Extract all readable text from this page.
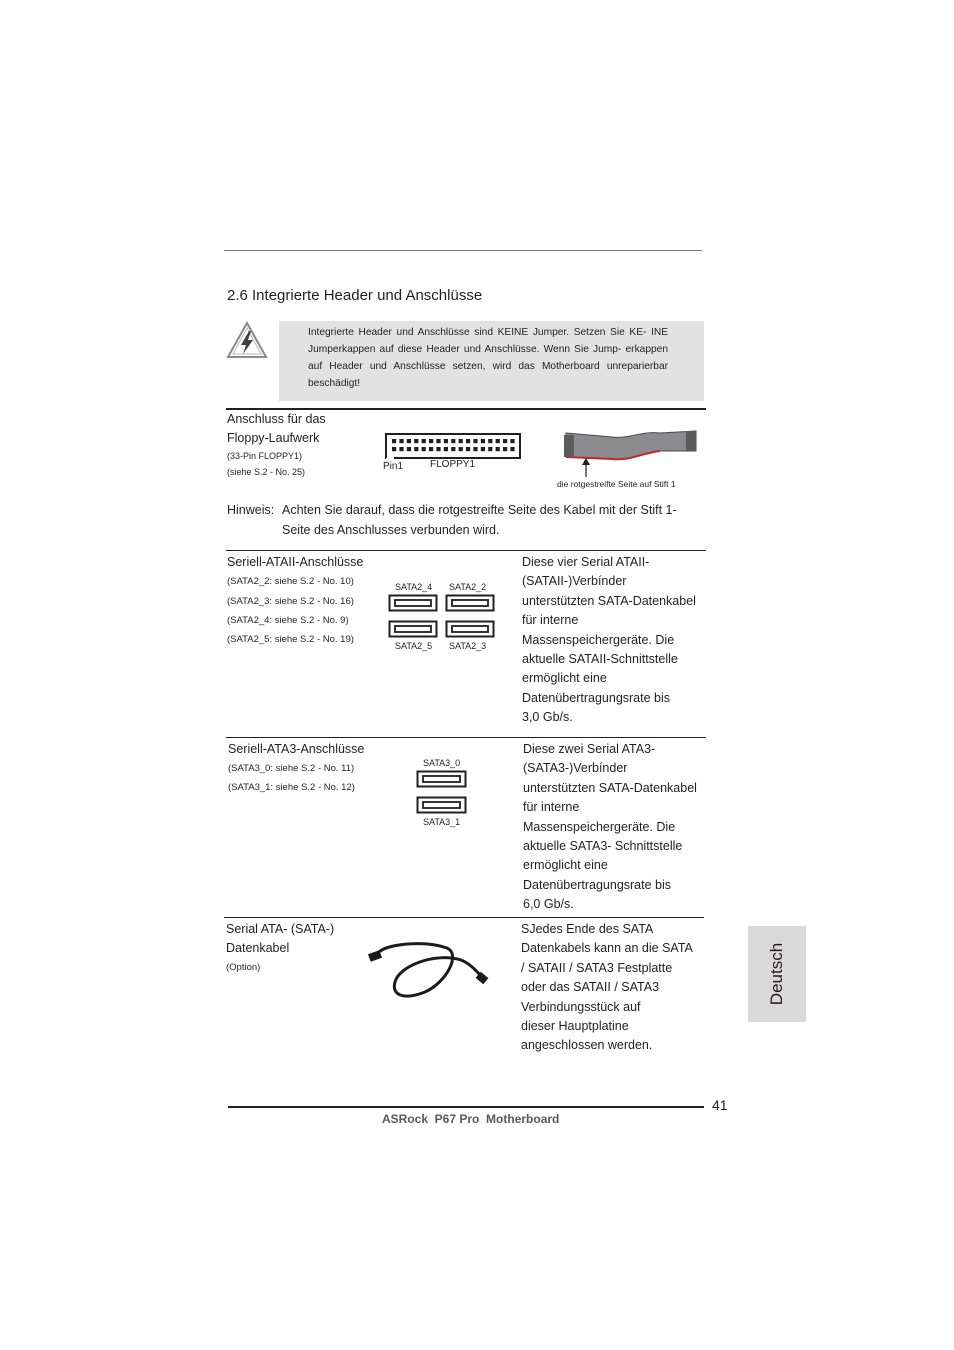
2.6 Integrierte Header und Anschlüsse
Integrierte Header und Anschlüsse sind KEINE Jumper. Setzen Sie KE- INE Jumperkappen auf diese Header und Anschlüsse. Wenn Sie Jump- erkappen auf Header und Anschlüsse setzen, wird das Motherboard unreparierbar beschädigt!
Anschluss für das
Floppy-Laufwerk
(33-Pin FLOPPY1)
(siehe S.2 - No. 25)	Pin1	FLOPPY1
die rotgestreifte Seite auf Stift 1
Hinweis: Achten Sie darauf, dass die rotgestreifte Seite des Kabel mit der Stift 1-
Seite des Anschlusses verbunden wird.
Seriell-ATAII-Anschlüsse
(SATA2_2: siehe S.2 - No. 10)
(SATA2_3: siehe S.2 - No. 16)
(SATA2_4: siehe S.2 - No. 9)
(SATA2_5: siehe S.2 - No. 19)
SATA2_4 SATA2_2
SATA2_5 SATA2_3
Diese vier Serial ATAII-
(SATAII-)Verbínder
unterstützten SATA-Datenkabel
für interne
Massenspeichergeräte. Die
aktuelle SATAII-Schnittstelle
ermöglicht eine
Datenübertragungsrate bis
3,0 Gb/s.
Seriell-ATA3-Anschlüsse
(SATA3_0: siehe S.2 - No. 11)
(SATA3_1: siehe S.2 - No. 12)
SATA3_0
SATA3_1
Diese zwei Serial ATA3-
(SATA3-)Verbínder
unterstützten SATA-Datenkabel
für interne
Massenspeichergeräte. Die
aktuelle SATA3- Schnittstelle
ermöglicht eine
Datenübertragungsrate bis
6,0 Gb/s.
Serial ATA- (SATA-)
Datenkabel
(Option)
SJedes Ende des SATA
Datenkabels kann an die SATA
/ SATAII / SATA3 Festplatte
oder das SATAII / SATA3
Verbindungsstück auf
dieser Hauptplatine
angeschlossen werden.
Deutsch
41
ASRock  P67 Pro  Motherboard
